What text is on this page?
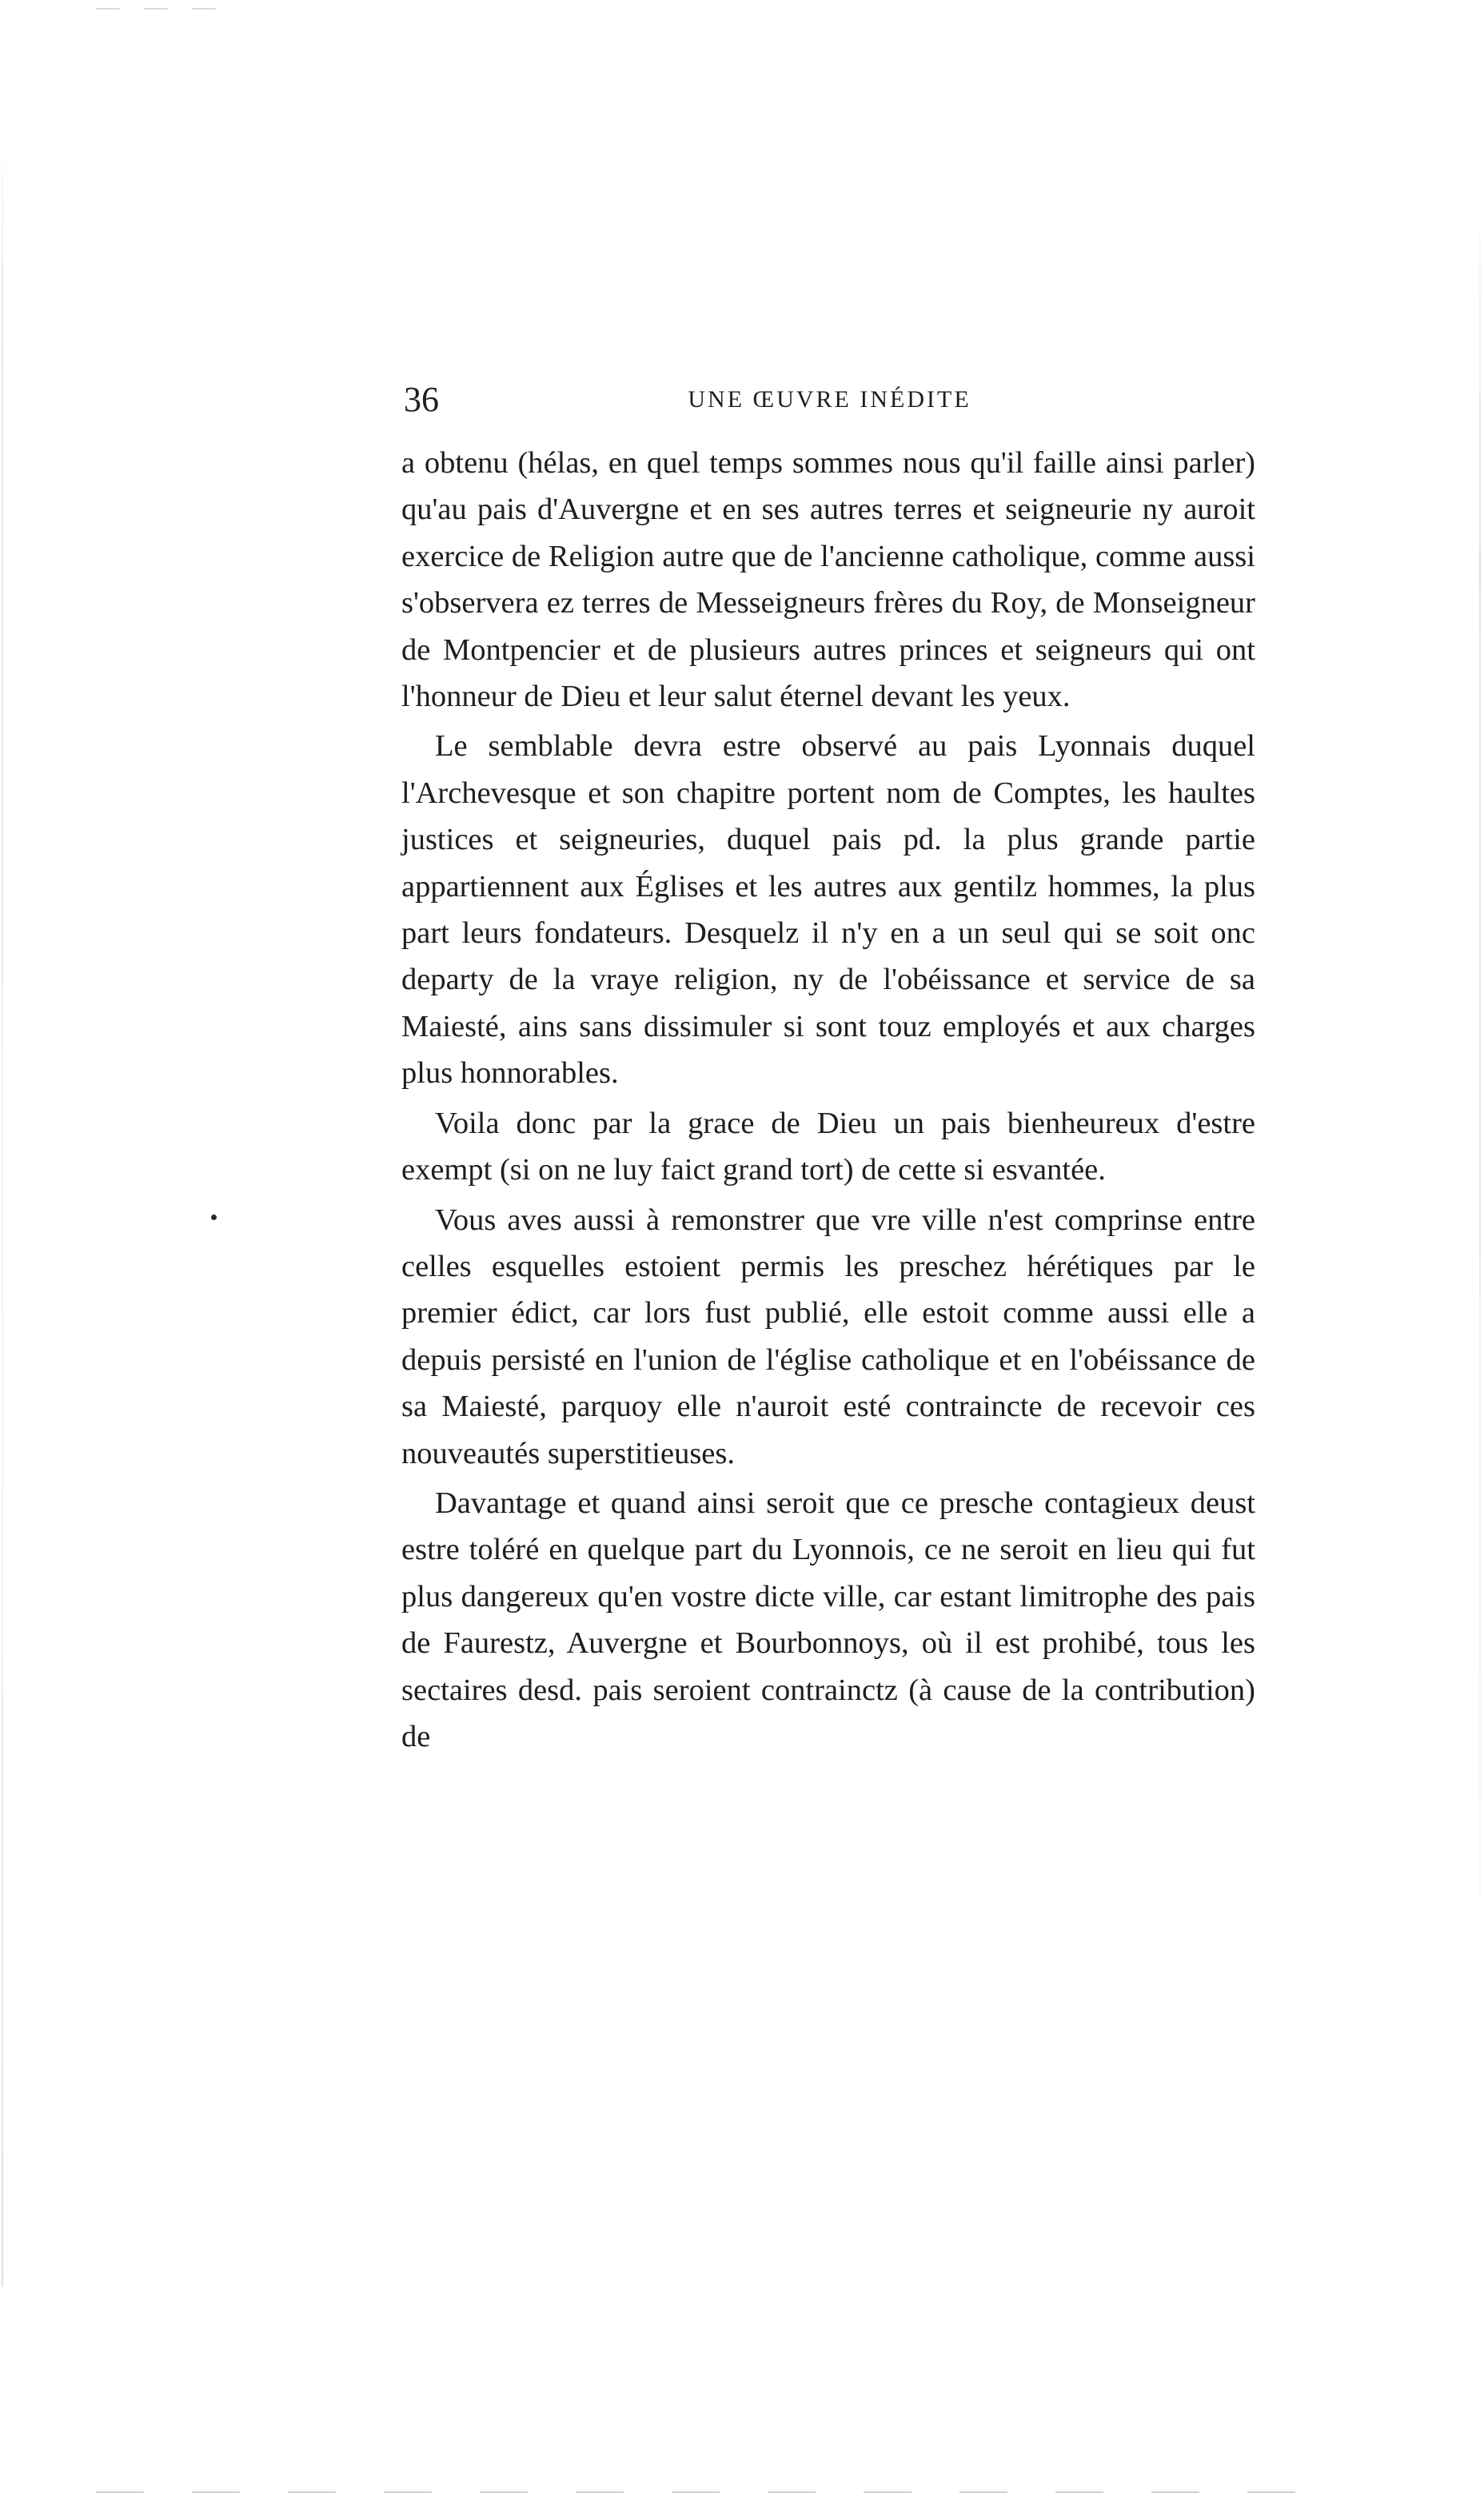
36	UNE ŒUVRE INÉDITE

a obtenu (hélas, en quel temps sommes nous qu'il faille ainsi parler) qu'au pais d'Auvergne et en ses autres terres et seigneurie ny auroit exercice de Religion autre que de l'ancienne catholique, comme aussi s'observera ez terres de Messeigneurs frères du Roy, de Monseigneur de Montpencier et de plusieurs autres princes et seigneurs qui ont l'honneur de Dieu et leur salut éternel devant les yeux.

Le semblable devra estre observé au pais Lyonnais duquel l'Archevesque et son chapitre portent nom de Comptes, les haultes justices et seigneuries, duquel pais pd. la plus grande partie appartiennent aux Églises et les autres aux gentilz hommes, la plus part leurs fondateurs. Desquelz il n'y en a un seul qui se soit onc departy de la vraye religion, ny de l'obéissance et service de sa Maiesté, ains sans dissimuler si sont touz employés et aux charges plus honnorables.

Voila donc par la grace de Dieu un pais bienheureux d'estre exempt (si on ne luy faict grand tort) de cette si esvantée.

Vous aves aussi à remonstrer que vre ville n'est comprinse entre celles esquelles estoient permis les preschez hérétiques par le premier édict, car lors fust publié, elle estoit comme aussi elle a depuis persisté en l'union de l'église catholique et en l'obéissance de sa Maiesté, parquoy elle n'auroit esté contraincte de recevoir ces nouveautés superstitieuses.

Davantage et quand ainsi seroit que ce presche contagieux deust estre toléré en quelque part du Lyonnois, ce ne seroit en lieu qui fut plus dangereux qu'en vostre dicte ville, car estant limitrophe des pais de Faurestz, Auvergne et Bourbonnoys, où il est prohibé, tous les sectaires desd. pais seroient contrainctz (à cause de la contribution) de
